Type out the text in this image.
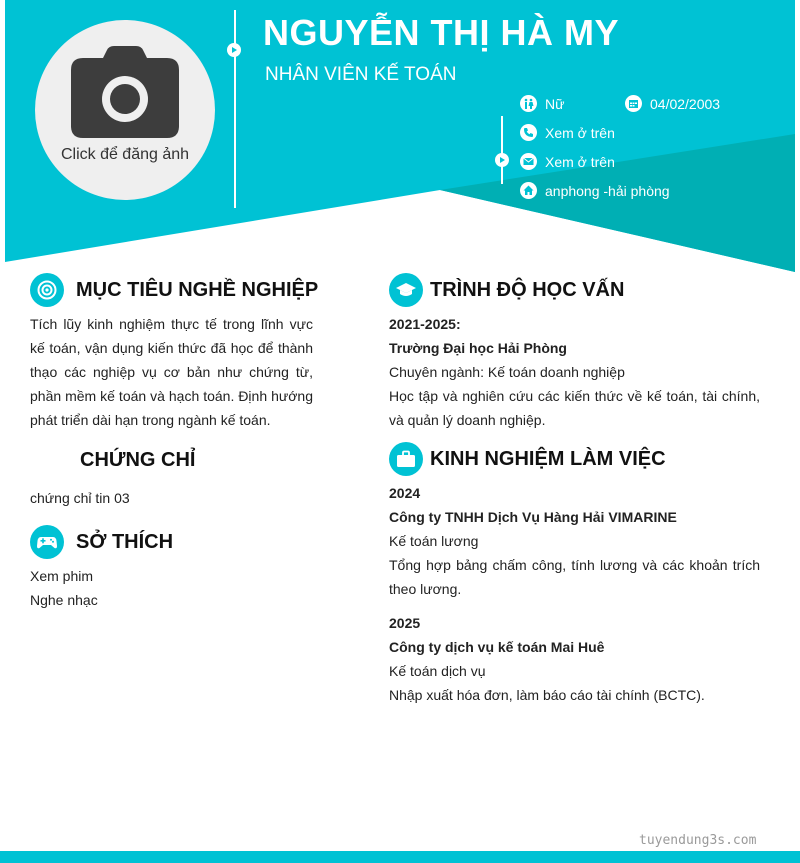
Click để đăng ảnh
NGUYỄN THỊ HÀ MY
NHÂN VIÊN KẾ TOÁN
Nữ	04/02/2003
Xem ở trên
Xem ở trên
anphong -hải phòng
MỤC TIÊU NGHỀ NGHIỆP
Tích lũy kinh nghiệm thực tế trong lĩnh vực kế toán, vận dụng kiến thức đã học để thành thạo các nghiệp vụ cơ bản như chứng từ, phần mềm kế toán và hạch toán. Định hướng phát triển dài hạn trong ngành kế toán.
CHỨNG CHỈ
chứng chỉ tin 03
SỞ THÍCH
Xem phim
Nghe nhạc
TRÌNH ĐỘ HỌC VẤN
2021-2025:
Trường Đại học Hải Phòng
Chuyên ngành: Kế toán doanh nghiệp
Học tập và nghiên cứu các kiến thức về kế toán, tài chính, và quản lý doanh nghiệp.
KINH NGHIỆM LÀM VIỆC
2024
Công ty TNHH Dịch Vụ Hàng Hải VIMARINE
Kế toán lương
Tổng hợp bảng chấm công, tính lương và các khoản trích theo lương.
2025
Công ty dịch vụ kế toán Mai Huê
Kế toán dịch vụ
Nhập xuất hóa đơn, làm báo cáo tài chính (BCTC).
tuyendung3s.com
